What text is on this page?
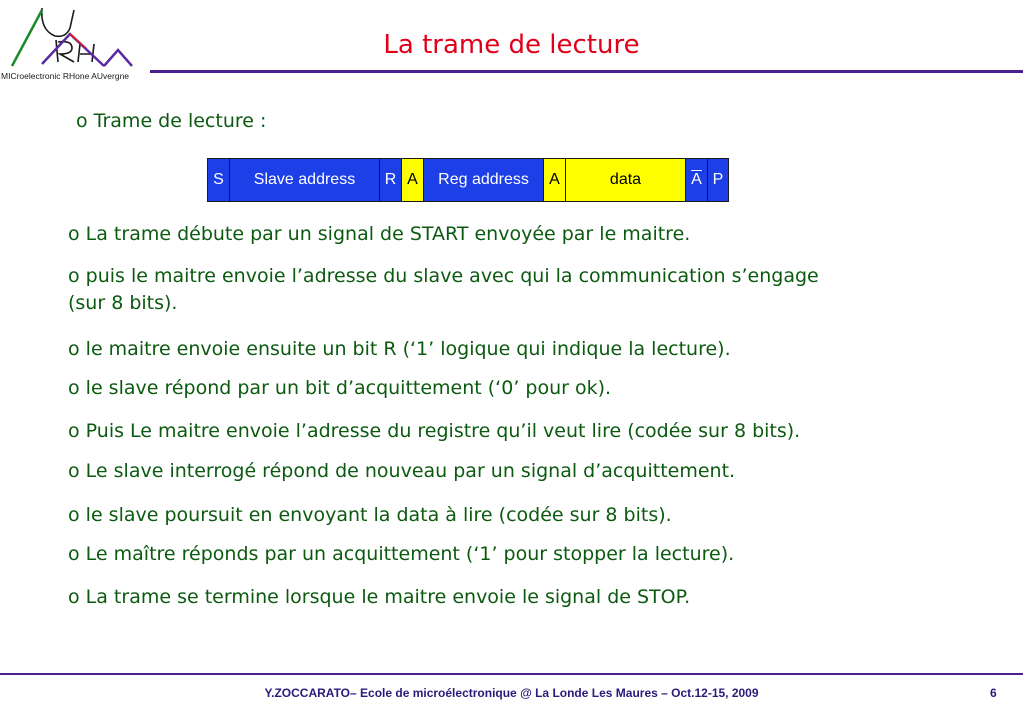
MICroelectronic RHone AUvergne
La trame de lecture
o Trame de lecture :
S	Slave address	R A	Reg address	A	data	$\overline{A}$ P
o La trame débute par un signal de START envoyée par le maitre.
o puis le maitre envoie l’adresse du slave avec qui la communication s’engage
(sur 8 bits).
o le maitre envoie ensuite un bit R (‘1’ logique qui indique la lecture).
o le slave répond par un bit d’acquittement (‘0’ pour ok).
o Puis Le maitre envoie l’adresse du registre qu’il veut lire (codée sur 8 bits).
o Le slave interrogé répond de nouveau par un signal d’acquittement.
o le slave poursuit en envoyant la data à lire (codée sur 8 bits).
o Le maître réponds par un acquittement (‘1’ pour stopper la lecture).
o La trame se termine lorsque le maitre envoie le signal de STOP.
Y.ZOCCARATO– Ecole de microélectronique @ La Londe Les Maures – Oct.12-15, 2009	6
